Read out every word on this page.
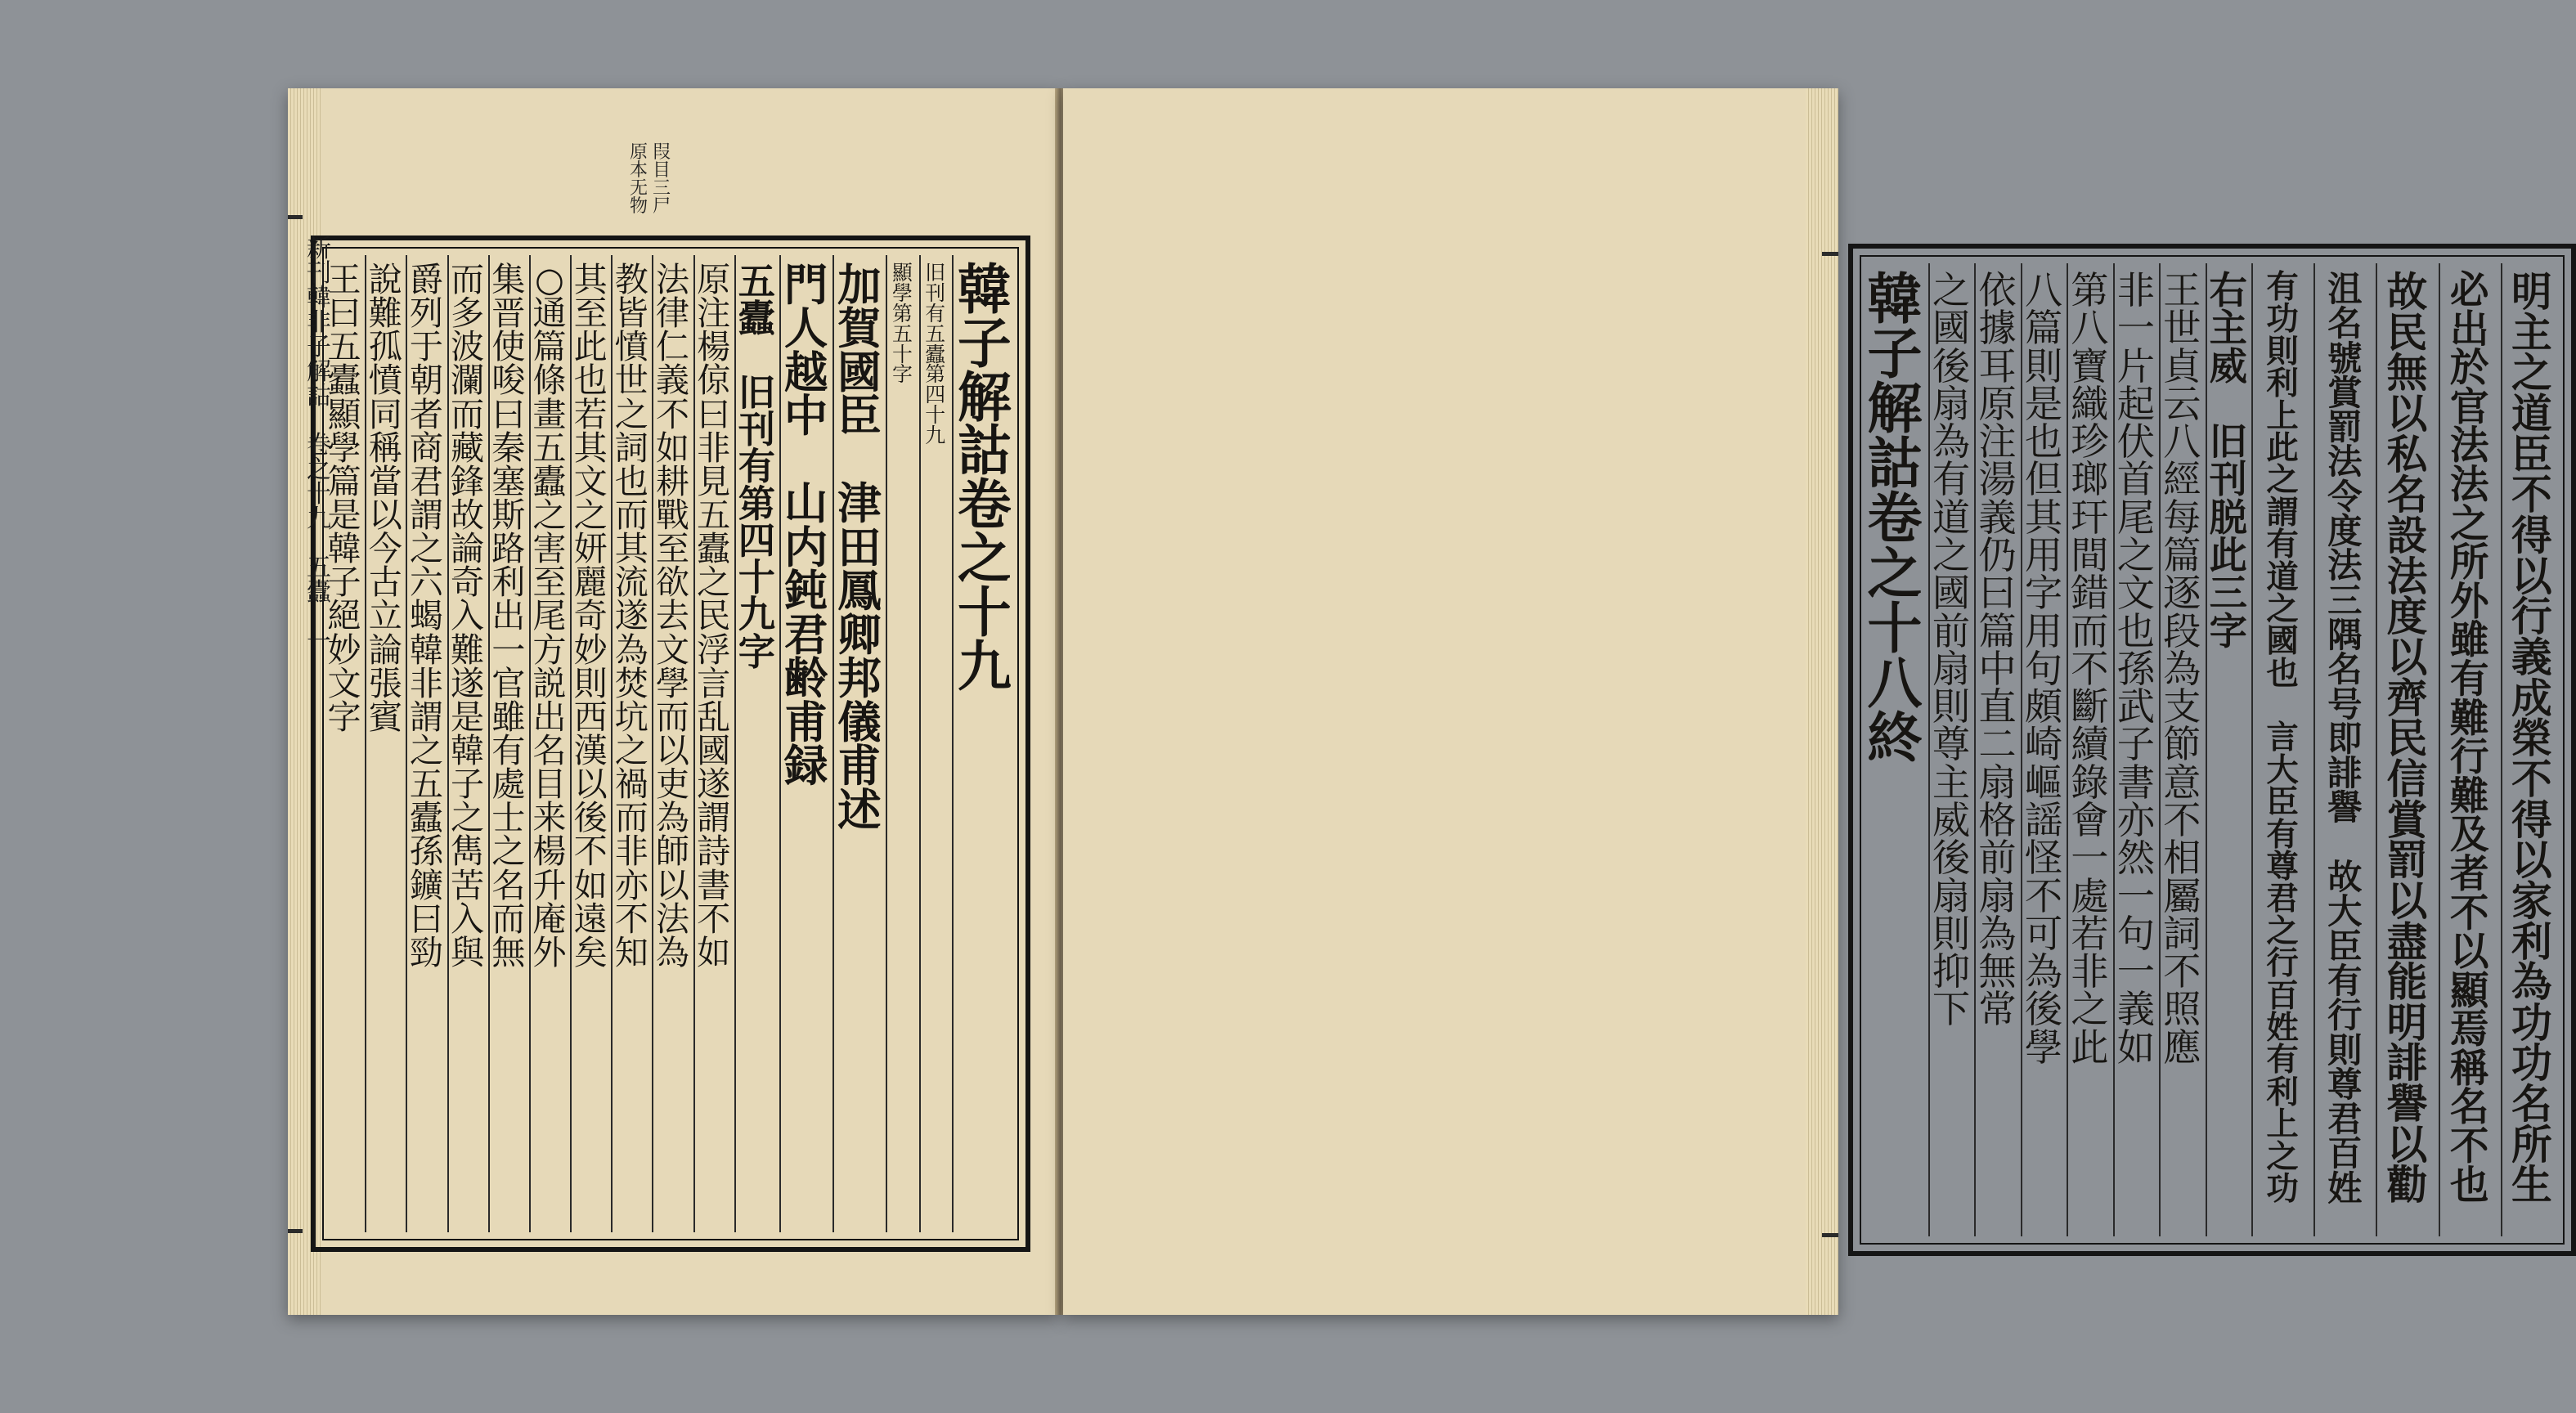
原
本
无
物
叚
目
三
尸
韓
子
解
詁
卷
之
十
九
旧
刊
有
五
蠹
第
四
十
九
顯
學
第
五
十
字
加
賀
國
臣

津
田
鳳
卿
邦
儀
甫
述
門
人
越
中

山
内
鈍
君
齢
甫
録
五
蠹

旧
刊
有
第
四
十
九
字
原
注
楊
倞
曰
非
見
五
蠹
之
民
浮
言
乱
國
遂
謂
詩
書
不
如
法
律
仁
義
不
如
耕
戰
至
欲
去
文
學
而
以
吏
為
師
以
法
為
教
皆
憤
世
之
詞
也
而
其
流
遂
為
焚
坑
之
禍
而
非
亦
不
知
其
至
此
也
若
其
文
之
妍
麗
奇
妙
則
西
漢
以
後
不
如
遠
矣
○
通
篇
條
畫
五
蠹
之
害
至
尾
方
説
出
名
目
来
楊
升
庵
外
集
晋
使
唆
曰
秦
塞
斯
路
利
出
一
官
雖
有
處
士
之
名
而
無
而
多
波
瀾
而
藏
鋒
故
論
奇
入
難
遂
是
韓
子
之
雋
苦
入
與
爵
列
于
朝
者
商
君
謂
之
六
蝎
韓
非
謂
之
五
蠹
孫
鑛
曰
勁
說
難
孤
憤
同
稱
當
以
今
古
立
論
張
賓
王
曰
五
蠹
顯
學
篇
是
韓
子
絕
妙
文
字
明
主
之
道
臣
不
得
以
行
義
成
榮
不
得
以
家
利
為
功
功
名
所
生
必
出
於
官
法
法
之
所
外
雖
有
難
行
難
及
者
不
以
顯
焉
稱
名
不
也
故
民
無
以
私
名
設
法
度
以
齊
民
信
賞
罰
以
盡
能
明
誹
譽
以
勸
沮
名
號
賞
罰
法
令
度
法
三
隅
名
号
即
誹
譽

故
大
臣
有
行
則
尊
君
百
姓
有
功
則
利
上
此
之
謂
有
道
之
國
也

言
大
臣
有
尊
君
之
行
百
姓
有
利
上
之
功
右
主
威

旧
刊
脱
此
三
字
王
世
貞
云
八
經
每
篇
逐
段
為
支
節
意
不
相
屬
詞
不
照
應
非
一
片
起
伏
首
尾
之
文
也
孫
武
子
書
亦
然
一
句
一
義
如
第
八
寶
織
珍
瑯
玕
間
錯
而
不
斷
續
錄
會
一
處
若
非
之
此
八
篇
則
是
也
但
其
用
字
用
句
頗
崎
嶇
謡
怪
不
可
為
後
學
依
據
耳
原
注
湯
義
仍
曰
篇
中
直
二
扇
格
前
扇
為
無
常
之
國
後
扇
為
有
道
之
國
前
扇
則
尊
主
威
後
扇
則
抑
下
韓
子
解
詁
卷
之
十
八
終
新
刊
韓
非
子
解
詁

卷
之
十
九

五
蠹

一
